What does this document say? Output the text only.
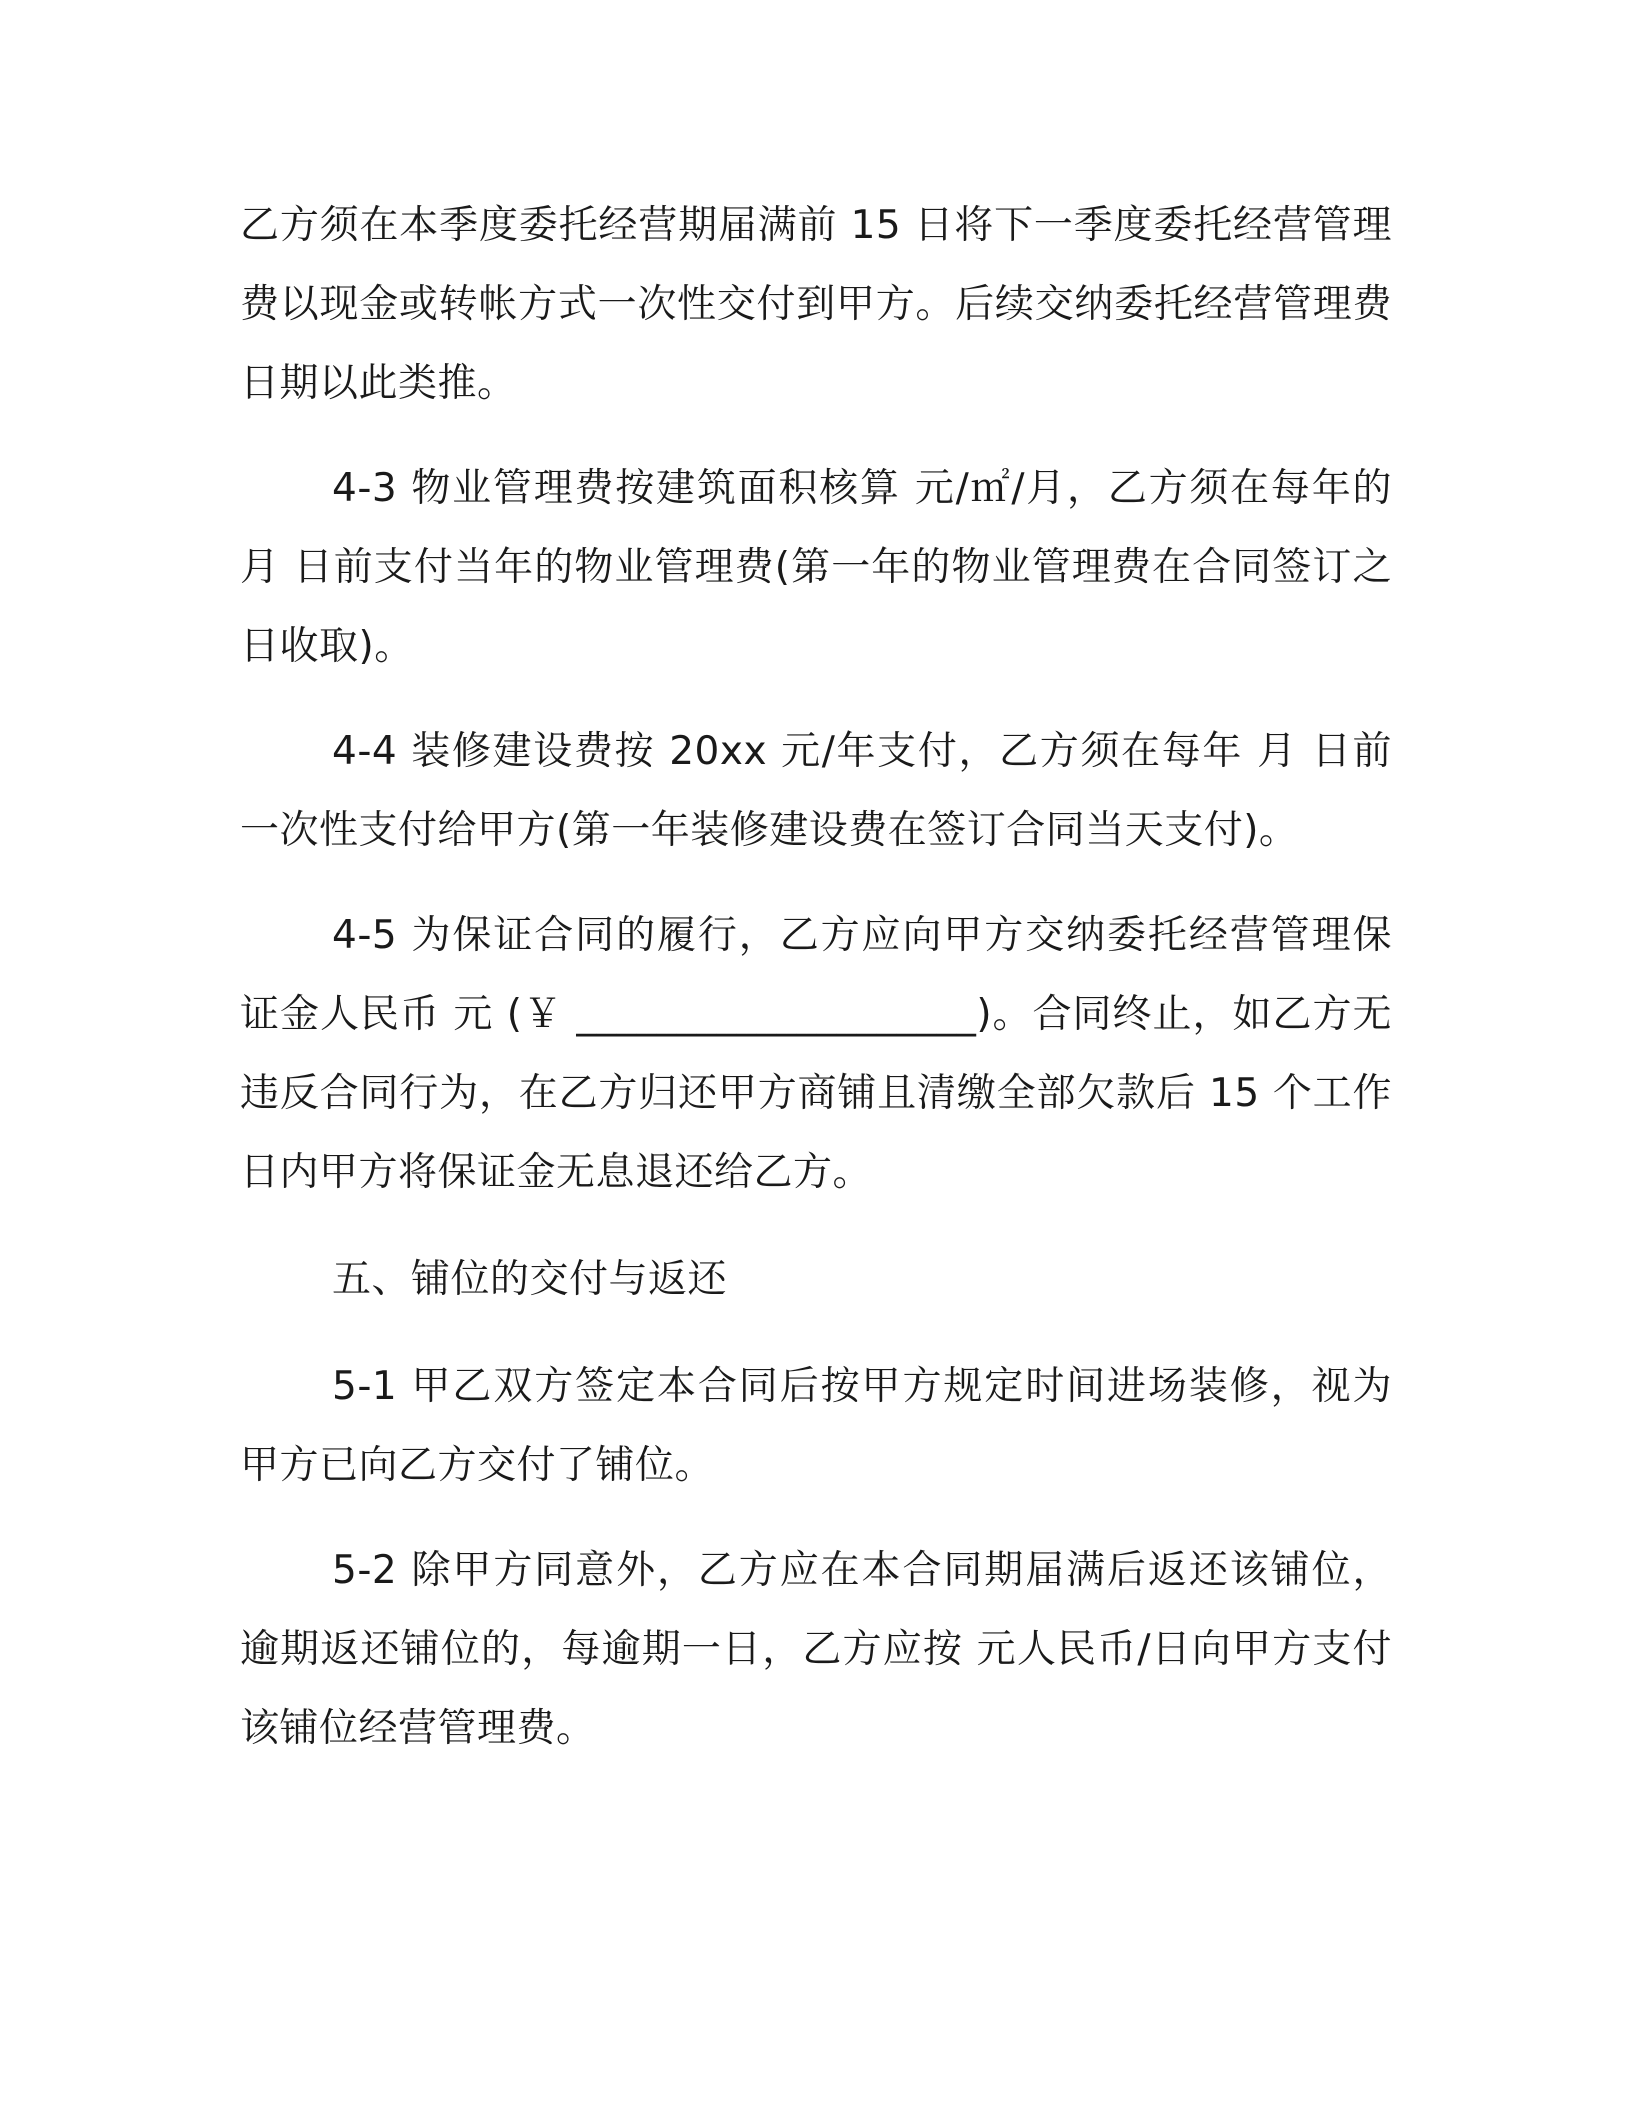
乙方须在本季度委托经营期届满前 15 日将下一季度委托经营管理费以现金或转帐方式一次性交付到甲方。后续交纳委托经营管理费日期以此类推。

4-3 物业管理费按建筑面积核算 元/㎡/月，乙方须在每年的 月 日前支付当年的物业管理费(第一年的物业管理费在合同签订之日收取)。

4-4 装修建设费按 20xx 元/年支付，乙方须在每年 月 日前一次性支付给甲方(第一年装修建设费在签订合同当天支付)。

4-5 为保证合同的履行，乙方应向甲方交纳委托经营管理保证金人民币 元 (￥ ____________________)。合同终止，如乙方无违反合同行为，在乙方归还甲方商铺且清缴全部欠款后 15 个工作日内甲方将保证金无息退还给乙方。

五、铺位的交付与返还

5-1 甲乙双方签定本合同后按甲方规定时间进场装修，视为甲方已向乙方交付了铺位。

5-2 除甲方同意外，乙方应在本合同期届满后返还该铺位，逾期返还铺位的，每逾期一日，乙方应按 元人民币/日向甲方支付该铺位经营管理费。
